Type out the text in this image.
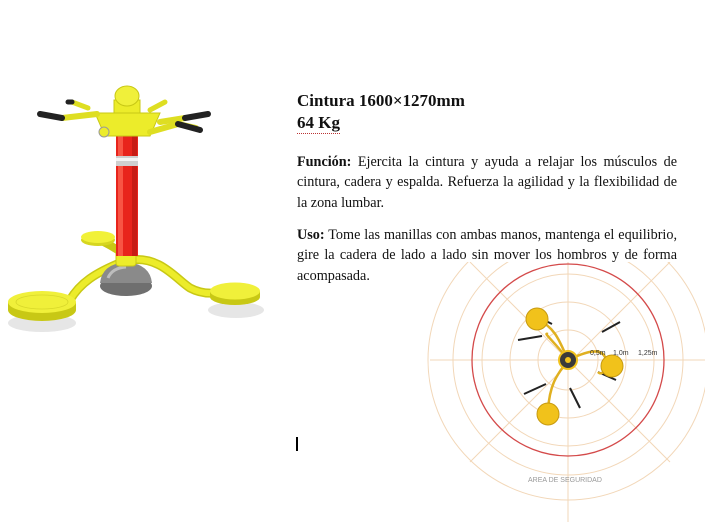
Cintura 1600×1270mm
64 Kg
Función: Ejercita la cintura y ayuda a relajar los músculos de cintura, cadera y espalda. Refuerza la agilidad y la flexibilidad de la zona lumbar.
Uso: Tome las manillas con ambas manos, mantenga el equilibrio, gire la cadera de lado a lado sin mover los hombros y de forma acompasada.
0,5m 1,0m 1,25m
AREA DE SEGURIDAD
